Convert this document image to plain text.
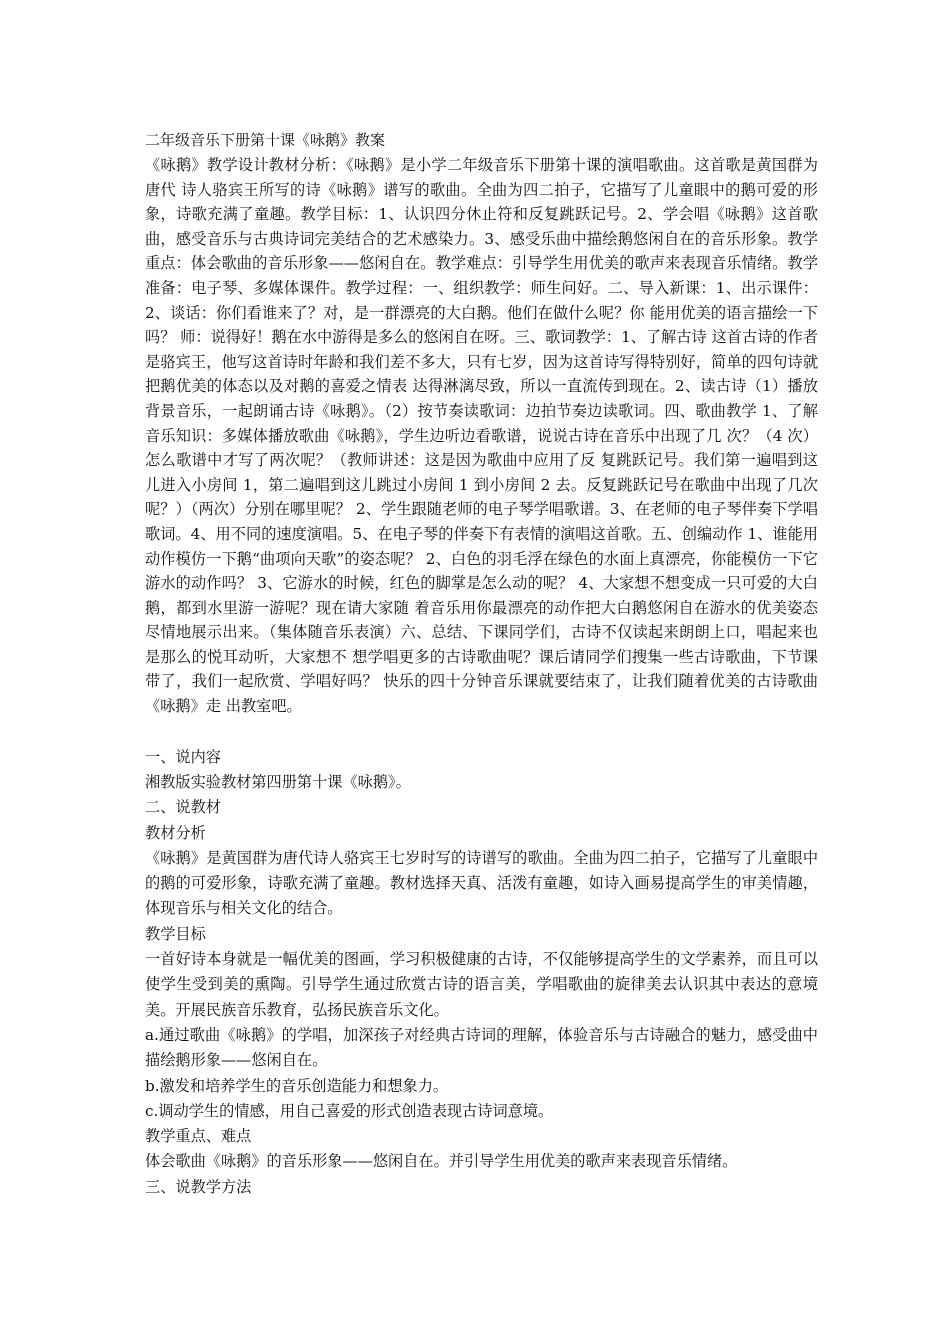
二年级音乐下册第十课《咏鹅》教案

《咏鹅》教学设计教材分析：《咏鹅》是小学二年级音乐下册第十课的演唱歌曲。这首歌是黄国群为唐代 诗人骆宾王所写的诗《咏鹅》谱写的歌曲。全曲为四二拍子，它描写了儿童眼中的鹅可爱的形象，诗歌充满了童趣。教学目标：1、认识四分休止符和反复跳跃记号。2、学会唱《咏鹅》这首歌曲，感受音乐与古典诗词完美结合的艺术感染力。3、感受乐曲中描绘鹅悠闲自在的音乐形象。教学重点：体会歌曲的音乐形象——悠闲自在。教学难点：引导学生用优美的歌声来表现音乐情绪。教学准备：电子琴、多媒体课件。教学过程：一、组织教学：师生问好。二、导入新课：1、出示课件：2、谈话：你们看谁来了？对，是一群漂亮的大白鹅。他们在做什么呢？你 能用优美的语言描绘一下吗？ 师：说得好！鹅在水中游得是多么的悠闲自在呀。三、歌词教学：1、了解古诗 这首古诗的作者是骆宾王，他写这首诗时年龄和我们差不多大，只有七岁，因为这首诗写得特别好，简单的四句诗就把鹅优美的体态以及对鹅的喜爱之情表 达得淋漓尽致，所以一直流传到现在。2、读古诗（1）播放背景音乐，一起朗诵古诗《咏鹅》。（2）按节奏读歌词：边拍节奏边读歌词。四、歌曲教学 1、了解音乐知识：多媒体播放歌曲《咏鹅》，学生边听边看歌谱，说说古诗在音乐中出现了几 次？（4 次）怎么歌谱中才写了两次呢？（教师讲述：这是因为歌曲中应用了反 复跳跃记号。我们第一遍唱到这儿进入小房间 1，第二遍唱到这儿跳过小房间 1 到小房间 2 去。反复跳跃记号在歌曲中出现了几次呢？）（两次）分别在哪里呢？ 2、学生跟随老师的电子琴学唱歌谱。3、在老师的电子琴伴奏下学唱歌词。4、用不同的速度演唱。5、在电子琴的伴奏下有表情的演唱这首歌。五、创编动作 1、谁能用动作模仿一下鹅“曲项向天歌”的姿态呢？ 2、白色的羽毛浮在绿色的水面上真漂亮，你能模仿一下它游水的动作吗？ 3、它游水的时候，红色的脚掌是怎么动的呢？ 4、大家想不想变成一只可爱的大白鹅，都到水里游一游呢？现在请大家随 着音乐用你最漂亮的动作把大白鹅悠闲自在游水的优美姿态尽情地展示出来。（集体随音乐表演）六、总结、下课同学们，古诗不仅读起来朗朗上口，唱起来也是那么的悦耳动听，大家想不 想学唱更多的古诗歌曲呢？课后请同学们搜集一些古诗歌曲，下节课带了，我们一起欣赏、学唱好吗？ 快乐的四十分钟音乐课就要结束了，让我们随着优美的古诗歌曲《咏鹅》走 出教室吧。

一、说内容

湘教版实验教材第四册第十课《咏鹅》。

二、说教材

教材分析

《咏鹅》是黄国群为唐代诗人骆宾王七岁时写的诗谱写的歌曲。全曲为四二拍子，它描写了儿童眼中的鹅的可爱形象，诗歌充满了童趣。教材选择天真、活泼有童趣，如诗入画易提高学生的审美情趣，体现音乐与相关文化的结合。

教学目标

一首好诗本身就是一幅优美的图画，学习积极健康的古诗，不仅能够提高学生的文学素养，而且可以使学生受到美的熏陶。引导学生通过欣赏古诗的语言美，学唱歌曲的旋律美去认识其中表达的意境美。开展民族音乐教育，弘扬民族音乐文化。

a.通过歌曲《咏鹅》的学唱，加深孩子对经典古诗词的理解，体验音乐与古诗融合的魅力，感受曲中描绘鹅形象——悠闲自在。

b.激发和培养学生的音乐创造能力和想象力。

c.调动学生的情感，用自己喜爱的形式创造表现古诗词意境。

教学重点、难点

体会歌曲《咏鹅》的音乐形象——悠闲自在。并引导学生用优美的歌声来表现音乐情绪。

三、说教学方法
